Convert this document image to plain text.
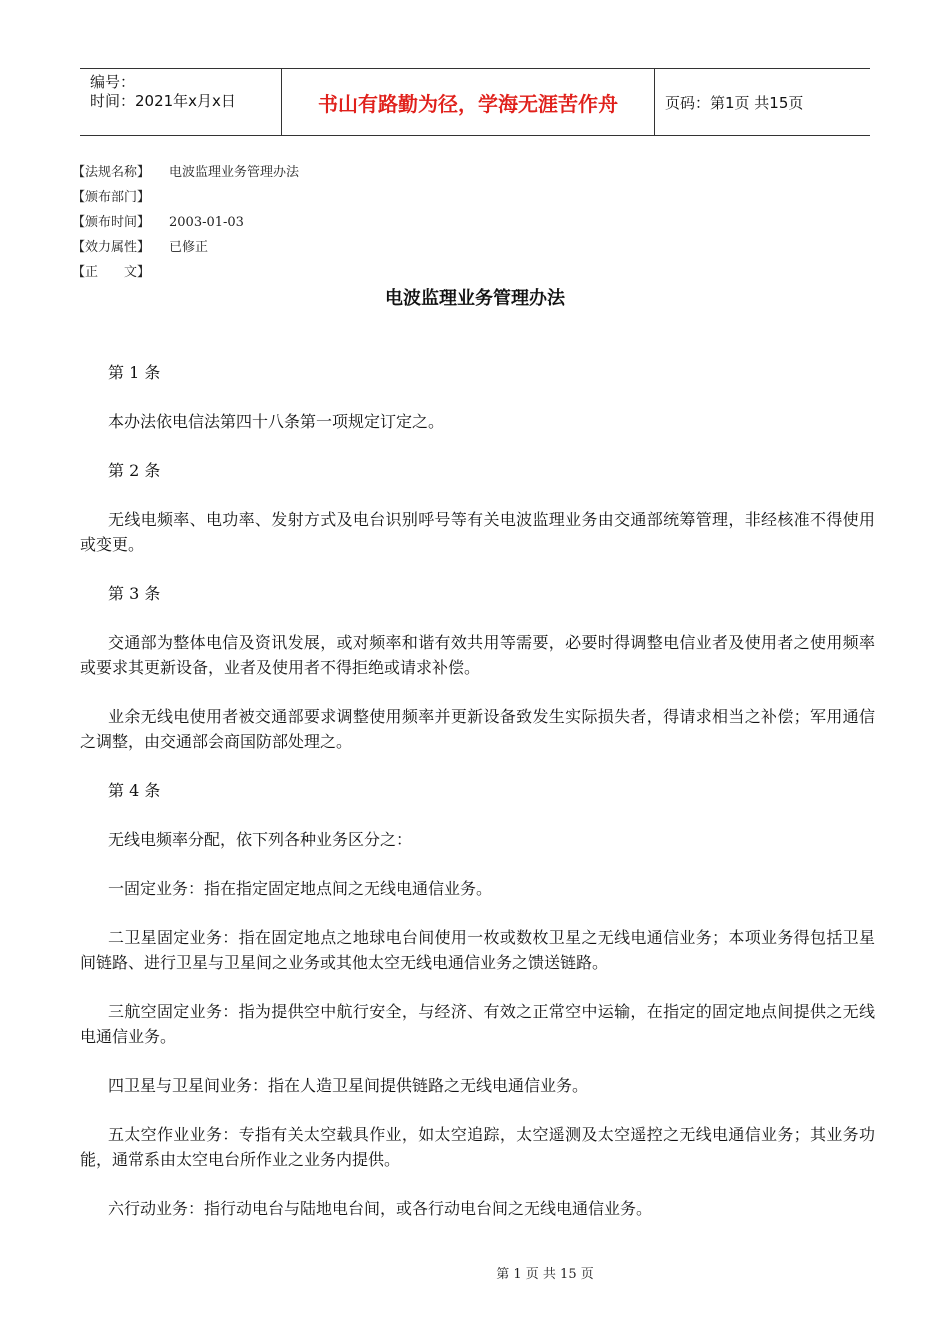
编号：
时间：2021年x月x日	书山有路勤为径，学海无涯苦作舟	页码：第1页 共15页
【法规名称】	电波监理业务管理办法
【颁布部门】
【颁布时间】	2003-01-03
【效力属性】	已修正
【正　　文】
电波监理业务管理办法

第 1 条

本办法依电信法第四十八条第一项规定订定之。

第 2 条

无线电频率、电功率、发射方式及电台识别呼号等有关电波监理业务由交通部统筹管理，非经核准不得使用或变更。

第 3 条

交通部为整体电信及资讯发展，或对频率和谐有效共用等需要，必要时得调整电信业者及使用者之使用频率或要求其更新设备，业者及使用者不得拒绝或请求补偿。

业余无线电使用者被交通部要求调整使用频率并更新设备致发生实际损失者，得请求相当之补偿；军用通信之调整，由交通部会商国防部处理之。

第 4 条

无线电频率分配，依下列各种业务区分之：

一固定业务：指在指定固定地点间之无线电通信业务。

二卫星固定业务：指在固定地点之地球电台间使用一枚或数枚卫星之无线电通信业务；本项业务得包括卫星间链路、进行卫星与卫星间之业务或其他太空无线电通信业务之馈送链路。

三航空固定业务：指为提供空中航行安全，与经济、有效之正常空中运输，在指定的固定地点间提供之无线电通信业务。

四卫星与卫星间业务：指在人造卫星间提供链路之无线电通信业务。

五太空作业业务：专指有关太空载具作业，如太空追踪，太空遥测及太空遥控之无线电通信业务；其业务功能，通常系由太空电台所作业之业务内提供。

六行动业务：指行动电台与陆地电台间，或各行动电台间之无线电通信业务。

第 1 页 共 15 页
